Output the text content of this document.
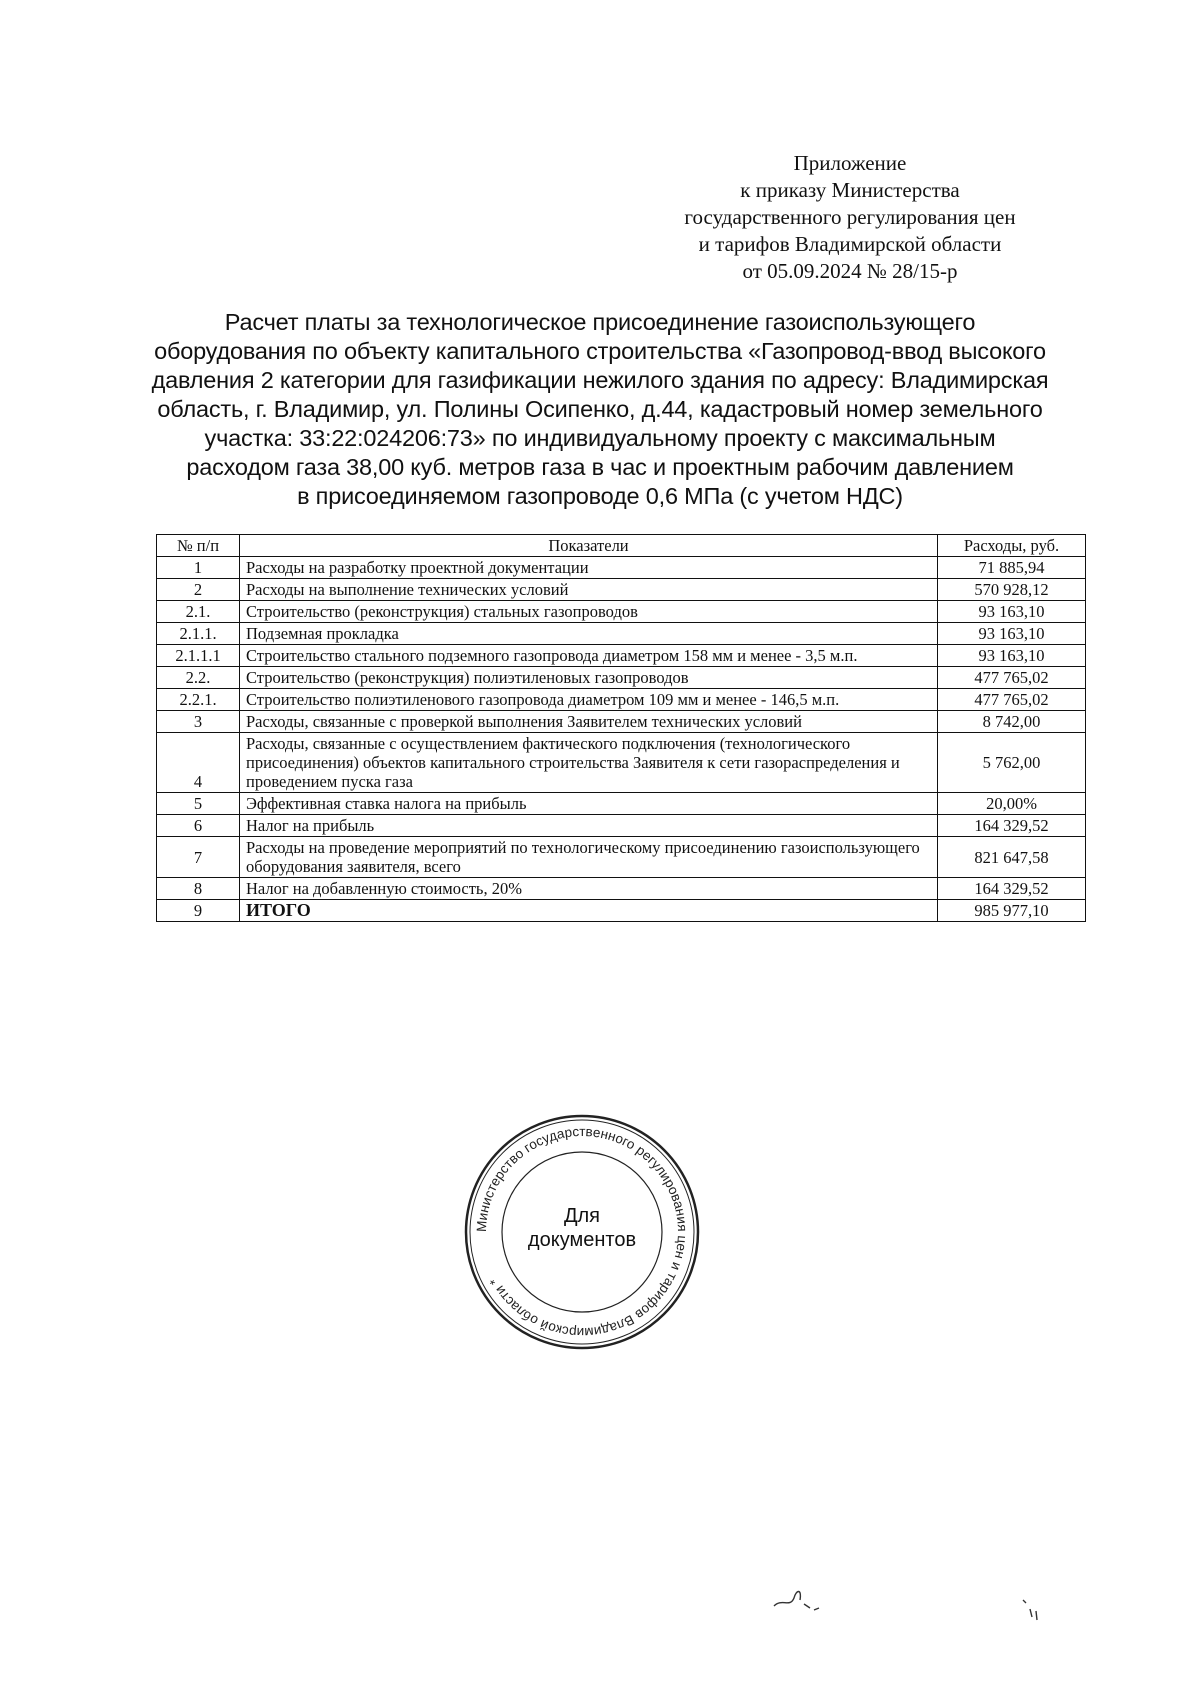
Приложение
к приказу Министерства
государственного регулирования цен
и тарифов Владимирской области
от 05.09.2024 № 28/15-р
Расчет платы за технологическое присоединение газоиспользующего
оборудования по объекту капитального строительства «Газопровод-ввод высокого
давления 2 категории для газификации нежилого здания по адресу: Владимирская
область, г. Владимир, ул. Полины Осипенко, д.44, кадастровый номер земельного
участка: 33:22:024206:73» по индивидуальному проекту с максимальным
расходом газа 38,00 куб. метров газа в час и проектным рабочим давлением
в присоединяемом газопроводе 0,6 МПа (с учетом НДС)
№ п/п	Показатели	Расходы, руб.
1	Расходы на разработку проектной документации	71 885,94
2	Расходы на выполнение технических условий	570 928,12
2.1.	Строительство (реконструкция) стальных газопроводов	93 163,10
2.1.1.	Подземная прокладка	93 163,10
2.1.1.1	Строительство стального подземного газопровода диаметром 158 мм и менее - 3,5 м.п.	93 163,10
2.2.	Строительство (реконструкция) полиэтиленовых газопроводов	477 765,02
2.2.1.	Строительство полиэтиленового газопровода диаметром 109 мм и менее - 146,5 м.п.	477 765,02
3	Расходы, связанные с проверкой выполнения Заявителем технических условий	8 742,00
4	Расходы, связанные с осуществлением фактического подключения (технологического присоединения) объектов капитального строительства Заявителя к сети газораспределения и проведением пуска газа	5 762,00
5	Эффективная ставка налога на прибыль	20,00%
6	Налог на прибыль	164 329,52
7	Расходы на проведение мероприятий по технологическому присоединению газоиспользующего оборудования заявителя, всего	821 647,58
8	Налог на добавленную стоимость, 20%	164 329,52
9	ИТОГО	985 977,10
Министерство государственного регулирования цен и тарифов Владимирской области *
Для
документов
